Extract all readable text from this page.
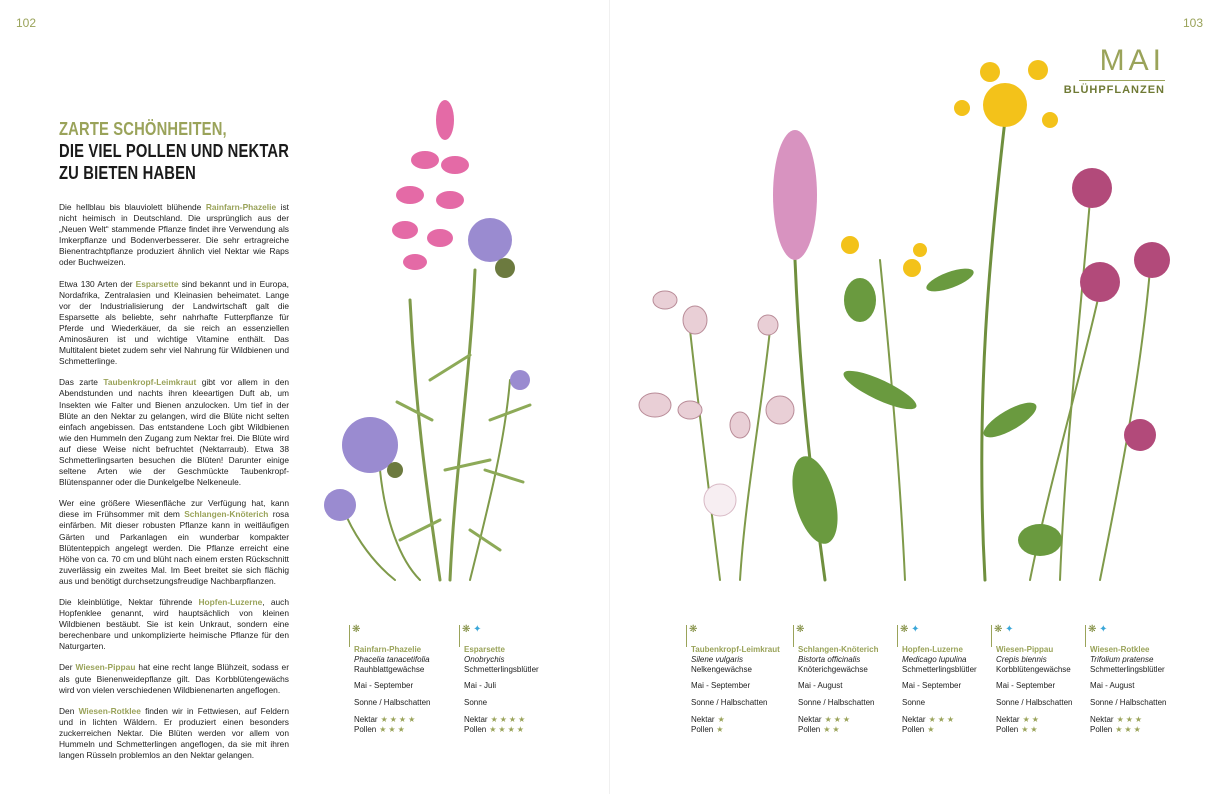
102	103
MAI
BLÜHPFLANZEN
ZARTE SCHÖNHEITEN,
DIE VIEL POLLEN UND NEKTAR
ZU BIETEN HABEN

Die hellblau bis blauviolett blühende Rainfarn-Phazelie ist nicht heimisch in Deutschland. Die ursprünglich aus der „Neuen Welt“ stammende Pflanze findet ihre Verwendung als Imkerpflanze und Bodenverbesserer. Die sehr ertragreiche Bienentrachtpflanze produziert ähnlich viel Nektar wie Raps oder Buchweizen.

Etwa 130 Arten der Esparsette sind bekannt und in Europa, Nordafrika, Zentralasien und Kleinasien beheimatet. Lange vor der Industrialisierung der Landwirtschaft galt die Esparsette als beliebte, sehr nahrhafte Futterpflanze für Pferde und Wiederkäuer, da sie reich an essenziellen Aminosäuren ist und wichtige Vitamine enthält. Das Multitalent bietet zudem sehr viel Nahrung für Wildbienen und Schmetterlinge.

Das zarte Taubenkropf-Leimkraut gibt vor allem in den Abendstunden und nachts ihren kleeartigen Duft ab, um Insekten wie Falter und Bienen anzulocken. Um tief in der Blüte an den Nektar zu gelangen, wird die Blüte nicht selten einfach angebissen. Das entstandene Loch gibt Wildbienen wie den Hummeln den Zugang zum Nektar frei. Die Blüte wird auf diese Weise nicht befruchtet (Nektarraub). Etwa 38 Schmetterlingsarten besuchen die Blüten! Darunter einige seltene Arten wie der Geschmückte Taubenkropf-Blütenspanner oder die Dunkelgelbe Nelkeneule.

Wer eine größere Wiesenfläche zur Verfügung hat, kann diese im Frühsommer mit dem Schlangen-Knöterich rosa einfärben. Mit dieser robusten Pflanze kann in weitläufigen Gärten und Parkanlagen ein wunderbar kompakter Blütenteppich angelegt werden. Die Pflanze erreicht eine Höhe von ca. 70 cm und blüht nach einem ersten Rückschnitt zuverlässig ein zweites Mal. Im Beet breitet sie sich flächig aus und benötigt durchsetzungsfreudige Nachbarpflanzen.

Die kleinblütige, Nektar führende Hopfen-Luzerne, auch Hopfenklee genannt, wird hauptsächlich von kleinen Wildbienen bestäubt. Sie ist kein Unkraut, sondern eine berechenbare und unkomplizierte heimische Pflanze für den Naturgarten.

Der Wiesen-Pippau hat eine recht lange Blühzeit, sodass er als gute Bienenweidepflanze gilt. Das Korbblütengewächs wird von vielen verschiedenen Wildbienenarten angeflogen.

Den Wiesen-Rotklee finden wir in Fettwiesen, auf Feldern und in lichten Wäldern. Er produziert einen besonders zuckerreichen Nektar. Die Blüten werden vor allem von Hummeln und Schmetterlingen angeflogen, da sie mit ihren langen Rüsseln problemlos an den Nektar gelangen.

❋
Rainfarn-Phazelie
Phacelia tanacetifolia
Rauhblattgewächse
Mai - September
Sonne / Halbschatten
Nektar ★★★★
Pollen ★★★
❋ ✦
Esparsette
Onobrychis
Schmetterlingsblütler
Mai - Juli
Sonne
Nektar ★★★★
Pollen ★★★★
❋
Taubenkropf-Leimkraut
Silene vulgaris
Nelkengewächse
Mai - September
Sonne / Halbschatten
Nektar ★
Pollen ★
❋
Schlangen-Knöterich
Bistorta officinalis
Knöterichgewächse
Mai - August
Sonne / Halbschatten
Nektar ★★★
Pollen ★★
❋ ✦
Hopfen-Luzerne
Medicago lupulina
Schmetterlingsblütler
Mai - September
Sonne
Nektar ★★★
Pollen ★
❋ ✦
Wiesen-Pippau
Crepis biennis
Korbblütengewächse
Mai - September
Sonne / Halbschatten
Nektar ★★
Pollen ★★
❋ ✦
Wiesen-Rotklee
Trifolium pratense
Schmetterlingsblütler
Mai - August
Sonne / Halbschatten
Nektar ★★★
Pollen ★★★
